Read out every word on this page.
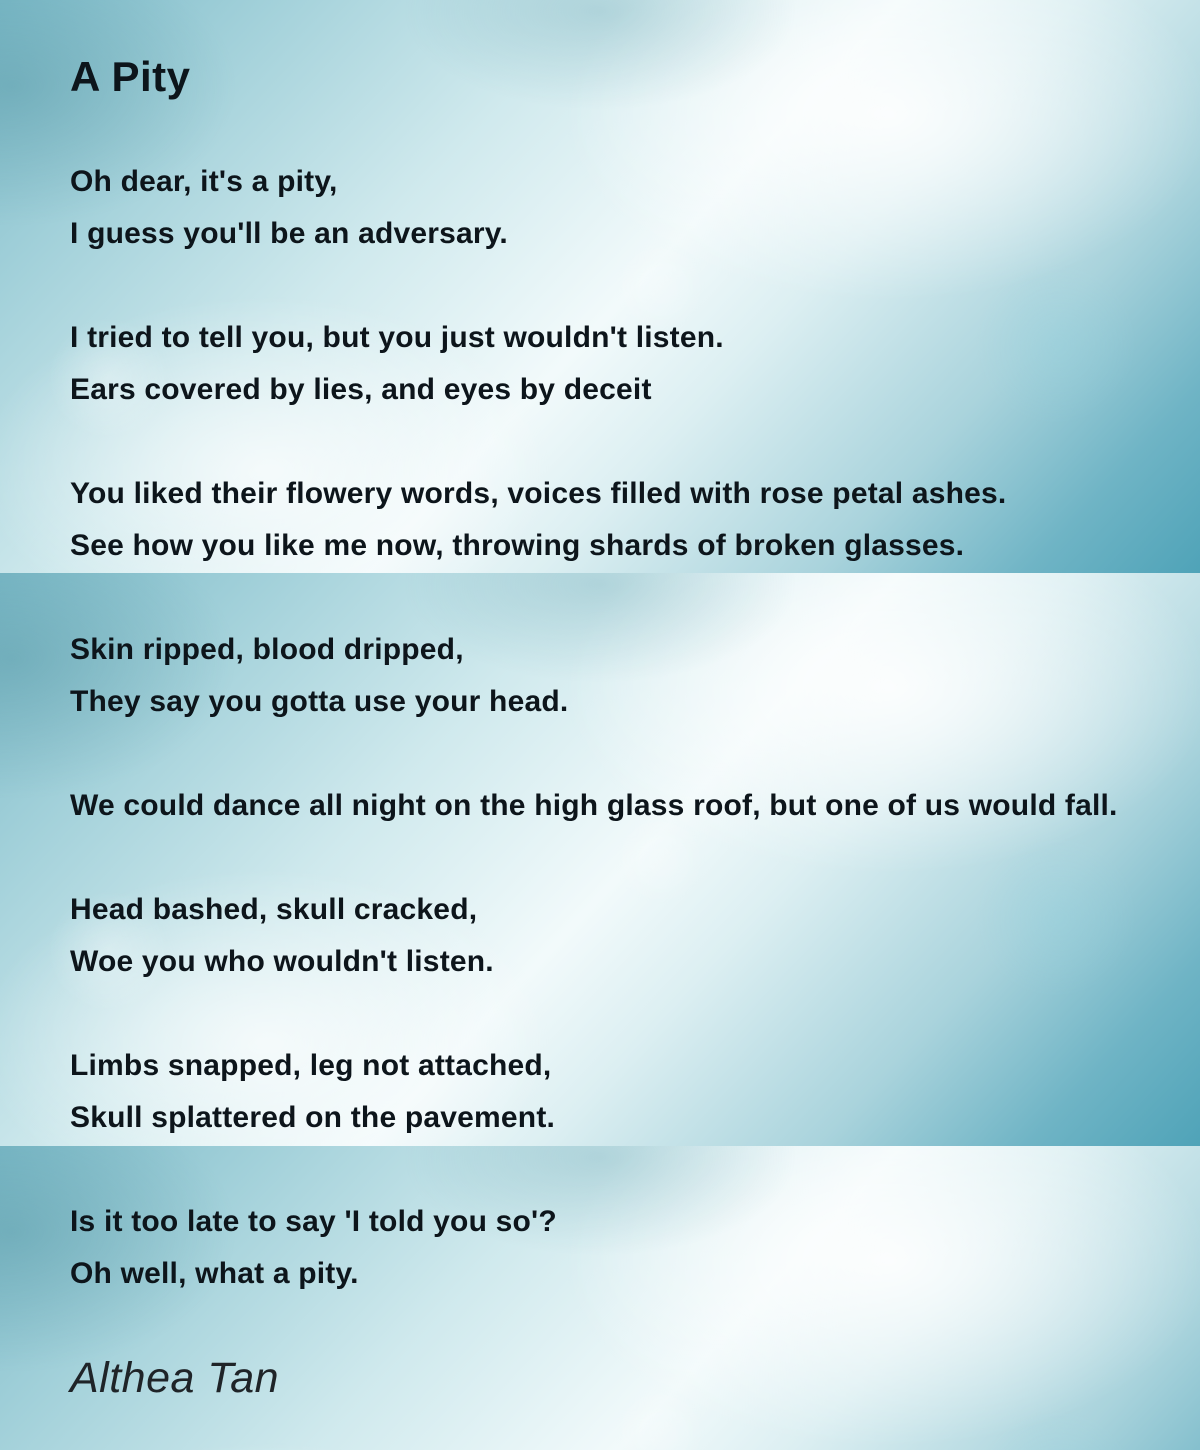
A Pity
Oh dear, it's a pity,
I guess you'll be an adversary.
I tried to tell you, but you just wouldn't listen.
Ears covered by lies, and eyes by deceit
You liked their flowery words, voices filled with rose petal ashes.
See how you like me now, throwing shards of broken glasses.
Skin ripped, blood dripped,
They say you gotta use your head.
We could dance all night on the high glass roof, but one of us would fall.
Head bashed, skull cracked,
Woe you who wouldn't listen.
Limbs snapped, leg not attached,
Skull splattered on the pavement.
Is it too late to say 'I told you so'?
Oh well, what a pity.
Althea Tan
